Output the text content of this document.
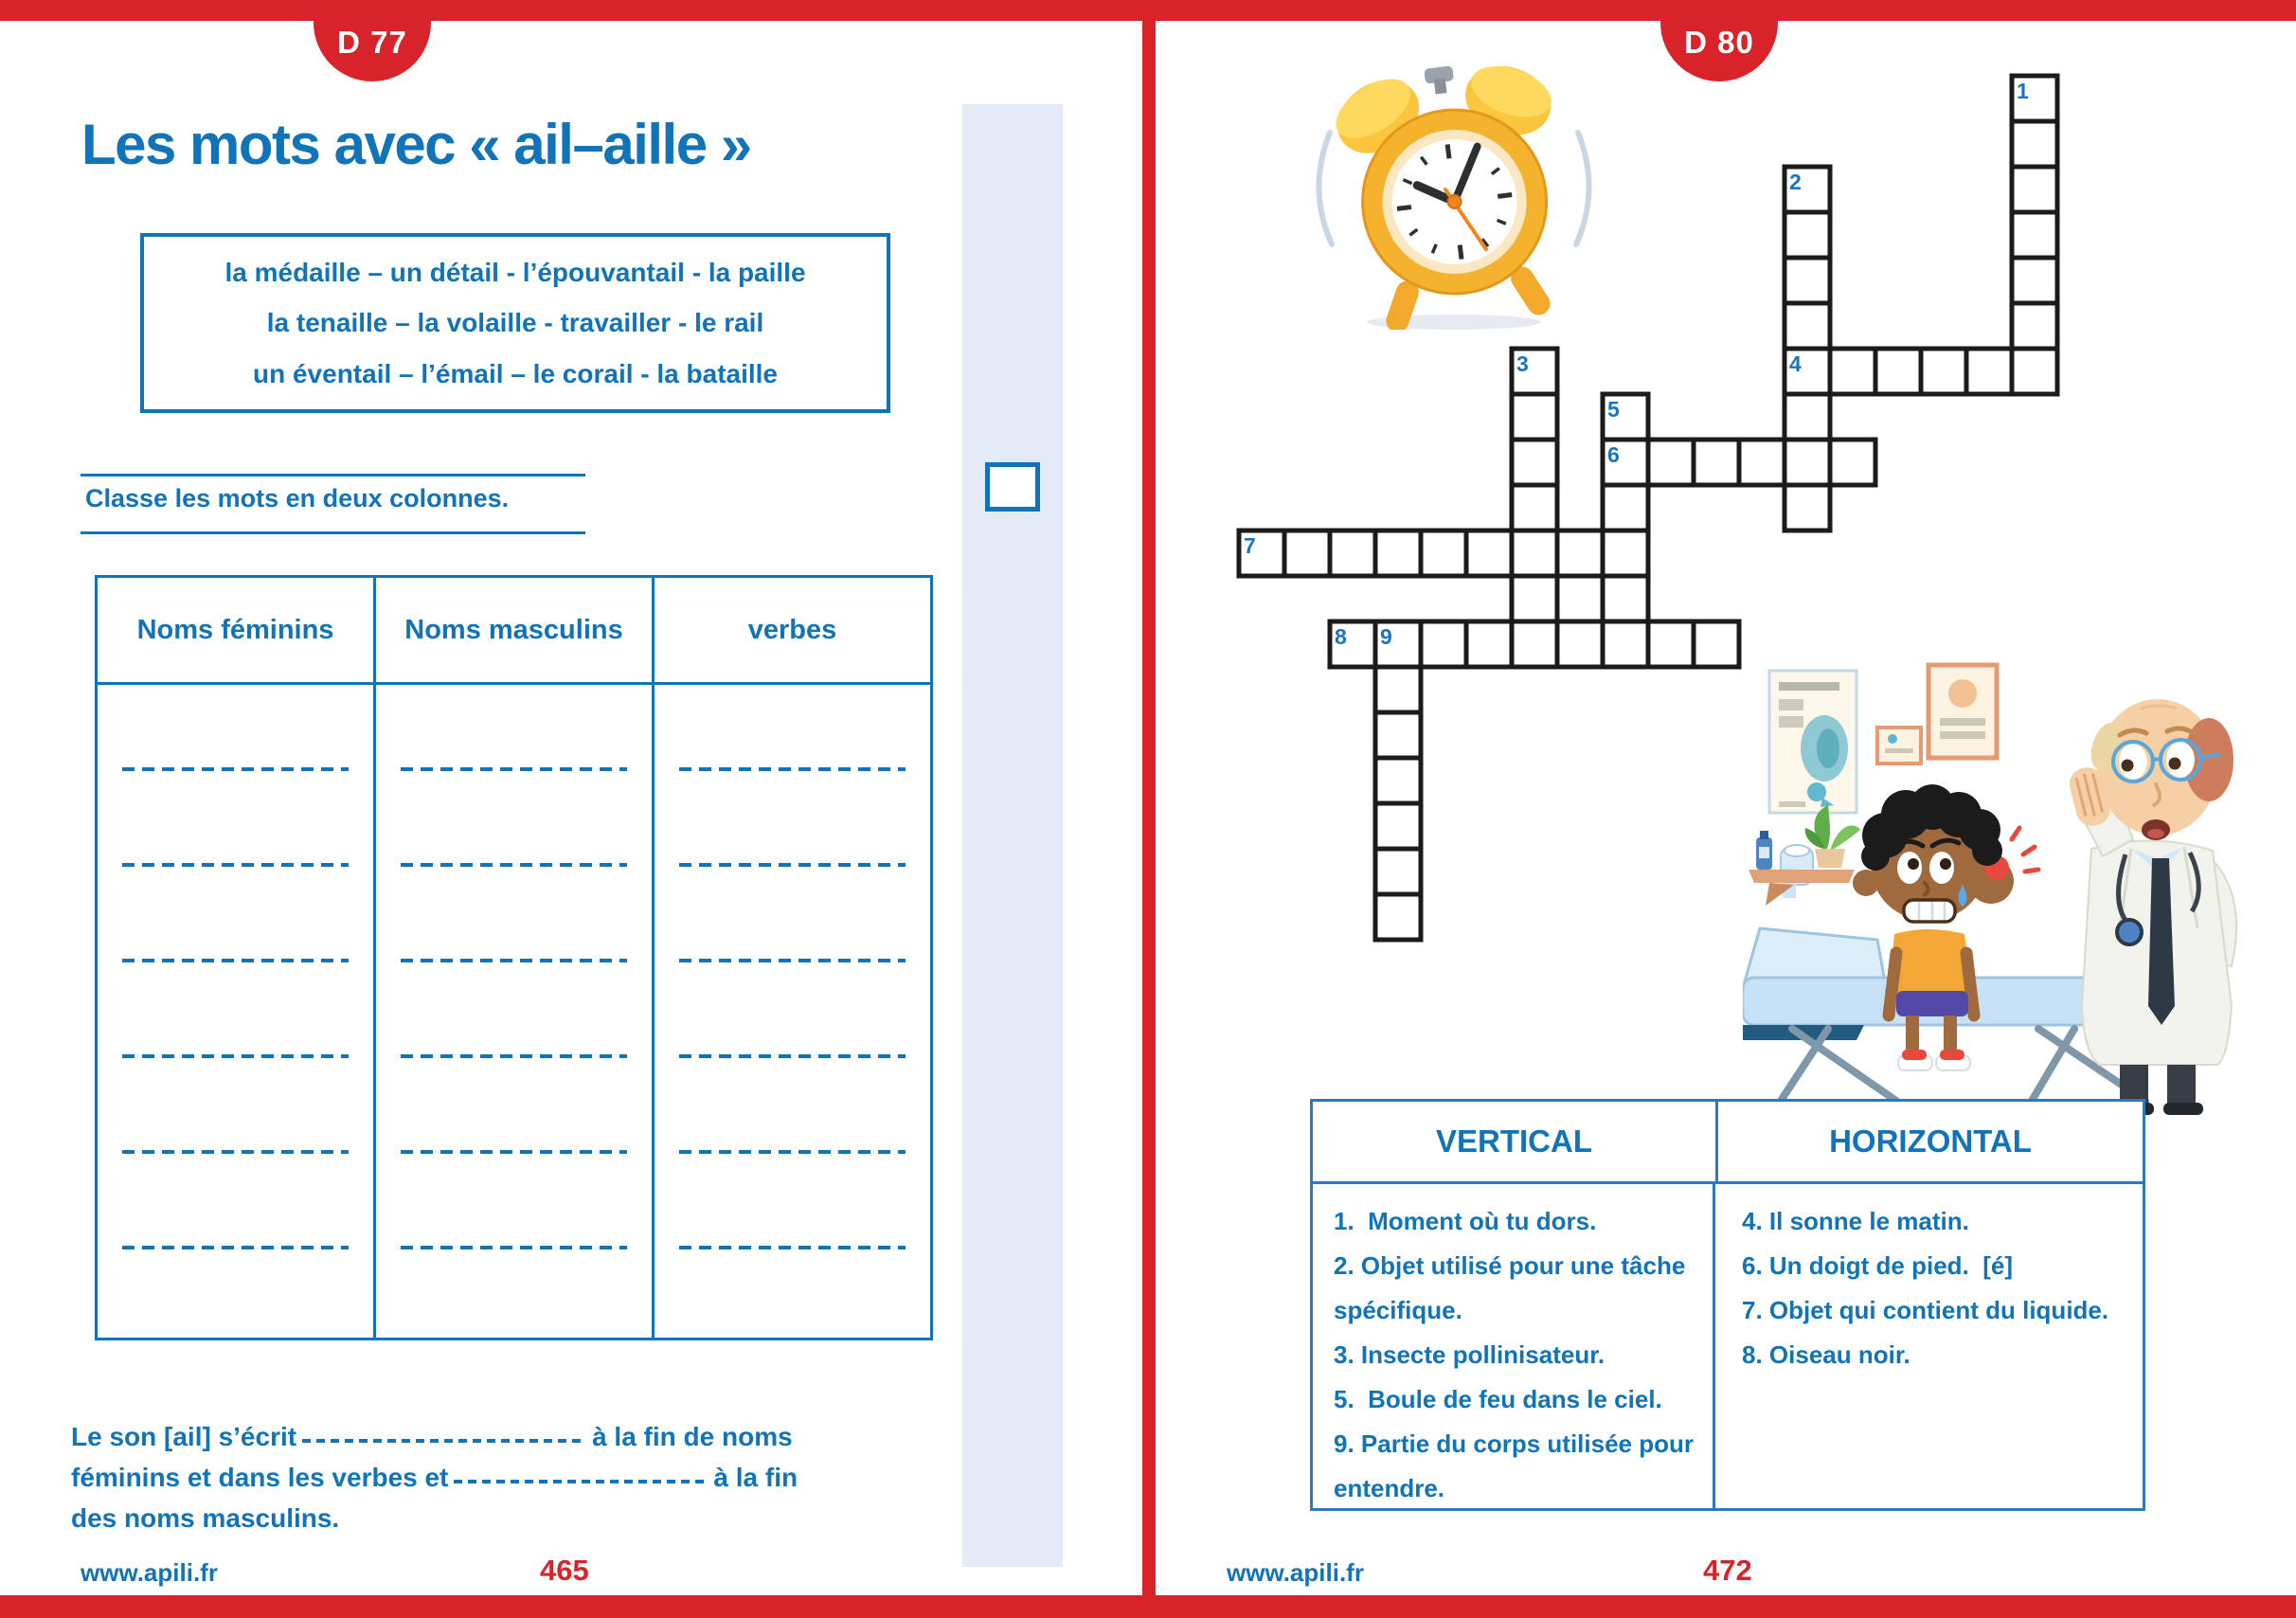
D 77
Les mots avec « ail–aille »
la médaille – un détail - l’épouvantail - la paille
la tenaille – la volaille - travailler - le rail
un éventail – l’émail – le corail - la bataille
Classe les mots en deux colonnes.
Noms féminins	Noms masculins	verbes

Le son [ail] s’écrit	à la fin de noms

féminins et dans les verbes et	à la fin

des noms masculins.

www.apili.fr	465
D 80
1
2
3
5
9
4
6
7
8
VERTICAL	HORIZONTAL

1.  Moment où tu dors.

2. Objet utilisé pour une tâche spécifique.

3. Insecte pollinisateur.

5.  Boule de feu dans le ciel.

9. Partie du corps utilisée pour entendre.

4. Il sonne le matin.

6. Un doigt de pied.  [é]

7. Objet qui contient du liquide.

8. Oiseau noir.

www.apili.fr	472
